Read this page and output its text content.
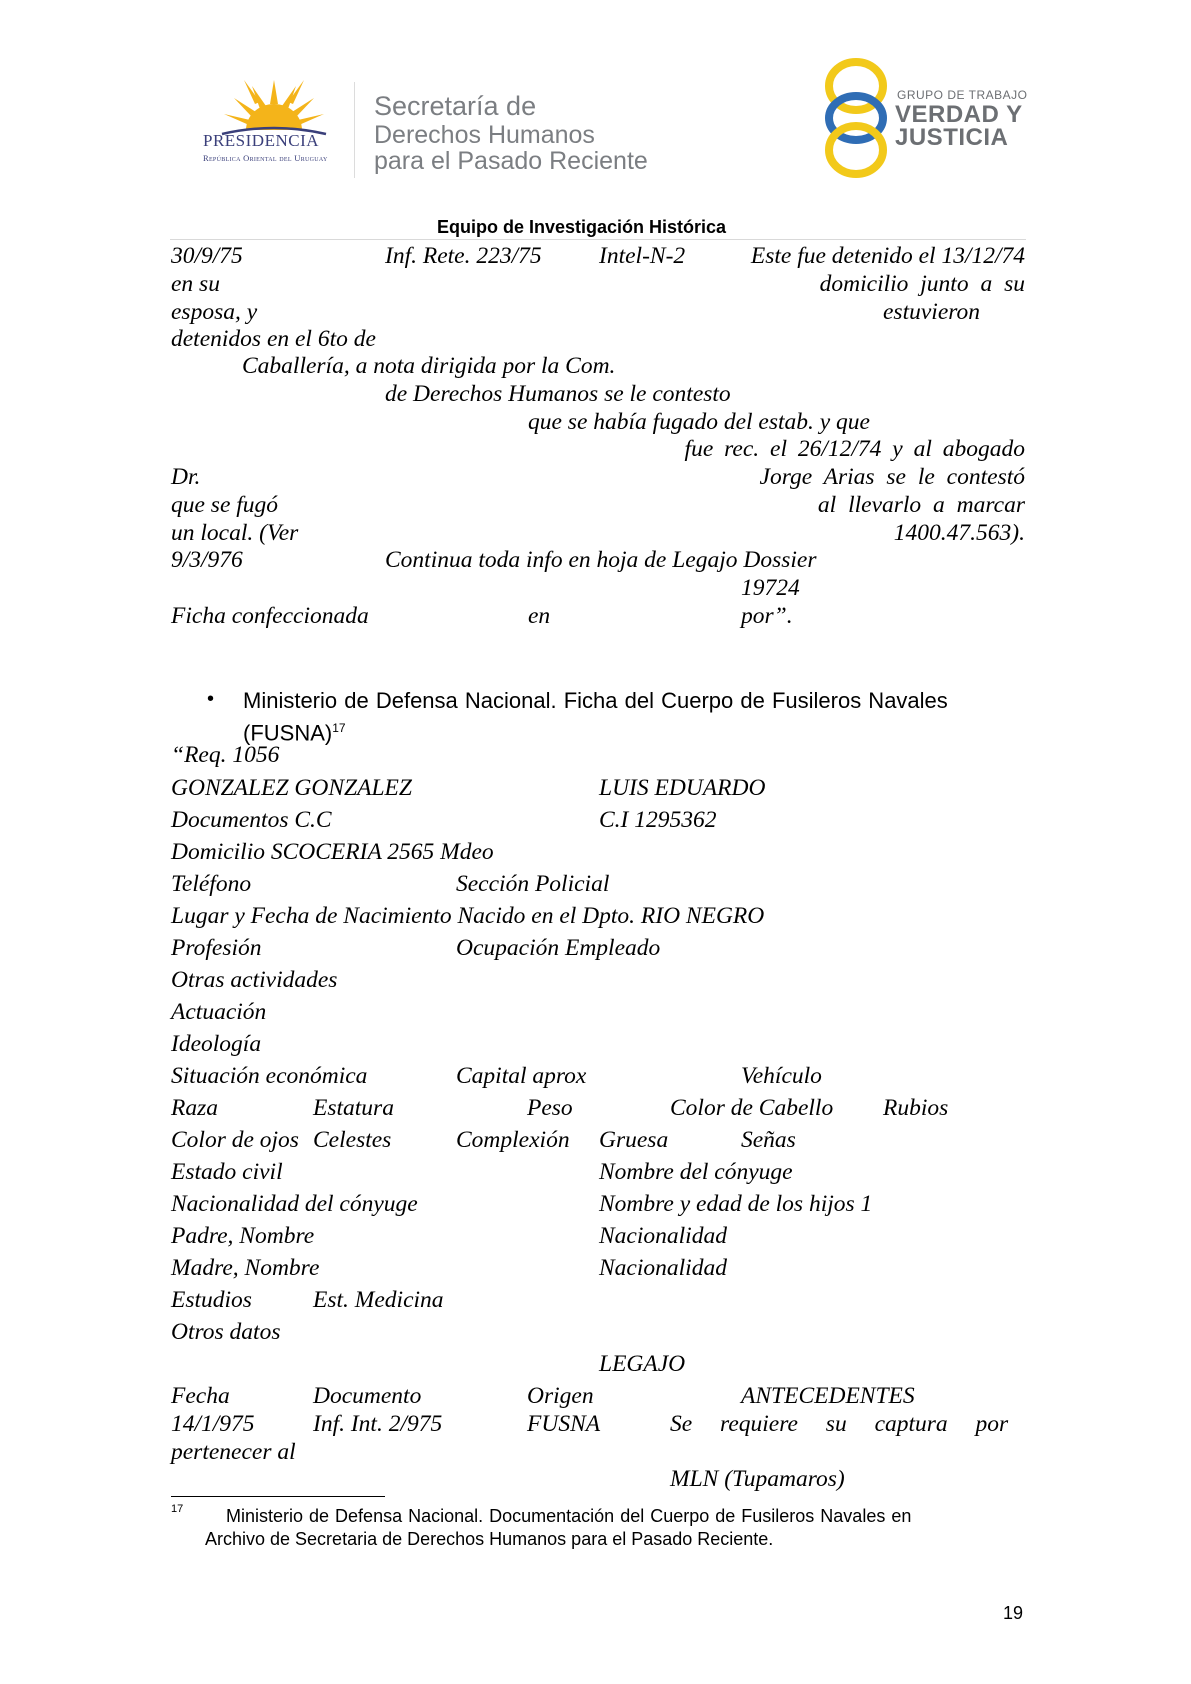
PRESIDENCIA
República Oriental del Uruguay
Secretaría de
Derechos Humanos
para el Pasado Reciente
GRUPO DE TRABAJO
VERDAD Y
JUSTICIA
Equipo de Investigación Histórica
30/9/75	Inf. Rete. 223/75 Intel-N-2	Este fue detenido el 13/12/74
en su	domicilio junto a su
esposa, y	estuvieron
detenidos en el 6to de
Caballería, a nota dirigida por la Com.
de Derechos Humanos se le contesto
que se había fugado del estab. y que
fue rec. el 26/12/74 y al abogado
Dr.	Jorge Arias se le contestó
que se fugó	al llevarlo a marcar
un local. (Ver	1400.47.563).
9/3/976	Continua toda info en hoja de Legajo Dossier
19724
Ficha confeccionada	en	por”.
• Ministerio de Defensa Nacional. Ficha del Cuerpo de Fusileros Navales
(FUSNA)$^{17}$
“Req. 1056
GONZALEZ GONZALEZ	LUIS EDUARDO
Documentos C.C	C.I 1295362
Domicilio SCOCERIA 2565 Mdeo
Teléfono	Sección Policial
Lugar y Fecha de Nacimiento Nacido en el Dpto. RIO NEGRO
Profesión	Ocupación Empleado
Otras actividades
Actuación
Ideología
Situación económica	Capital aprox	Vehículo
Raza	Estatura	Peso	Color de Cabello Rubios
Color de ojos Celestes	Complexión Gruesa	Señas
Estado civil	Nombre del cónyuge
Nacionalidad del cónyuge	Nombre y edad de los hijos 1
Padre, Nombre	Nacionalidad
Madre, Nombre	Nacionalidad
Estudios	Est. Medicina
Otros datos
LEGAJO
Fecha	Documento	Origen	ANTECEDENTES
14/1/975 Inf. Int. 2/975	FUSNA	Se requiere su captura por
pertenecer al
MLN (Tupamaros)
17 Ministerio de Defensa Nacional. Documentación del Cuerpo de Fusileros Navales en
Archivo de Secretaria de Derechos Humanos para el Pasado Reciente.
19
